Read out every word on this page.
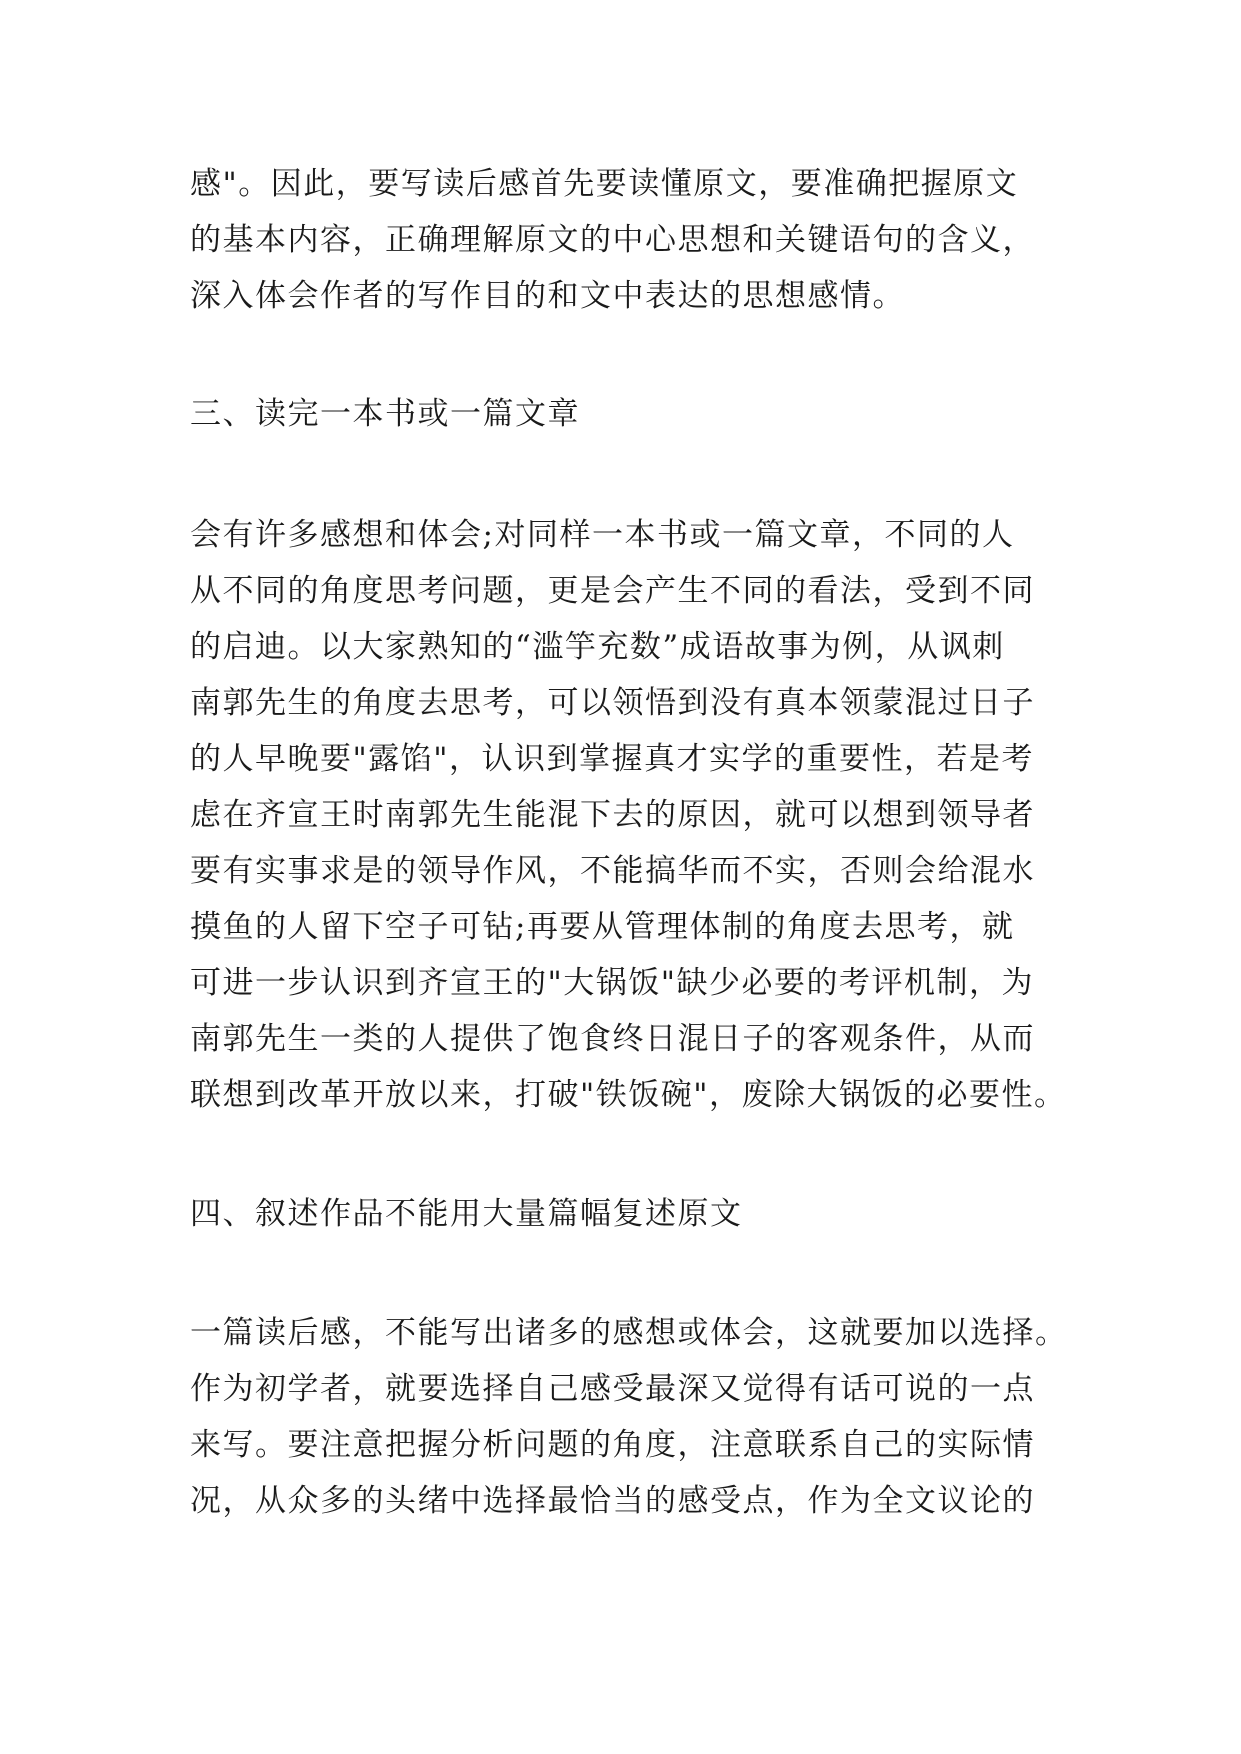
感"。因此，要写读后感首先要读懂原文，要准确把握原文
的基本内容，正确理解原文的中心思想和关键语句的含义，
深入体会作者的写作目的和文中表达的思想感情。
三、读完一本书或一篇文章
会有许多感想和体会;对同样一本书或一篇文章，不同的人
从不同的角度思考问题，更是会产生不同的看法，受到不同
的启迪。以大家熟知的“滥竽充数”成语故事为例，从讽刺
南郭先生的角度去思考，可以领悟到没有真本领蒙混过日子
的人早晚要"露馅"，认识到掌握真才实学的重要性，若是考
虑在齐宣王时南郭先生能混下去的原因，就可以想到领导者
要有实事求是的领导作风，不能搞华而不实，否则会给混水
摸鱼的人留下空子可钻;再要从管理体制的角度去思考，就
可进一步认识到齐宣王的"大锅饭"缺少必要的考评机制，为
南郭先生一类的人提供了饱食终日混日子的客观条件，从而
联想到改革开放以来，打破"铁饭碗"，废除大锅饭的必要性。
四、叙述作品不能用大量篇幅复述原文
一篇读后感，不能写出诸多的感想或体会，这就要加以选择。
作为初学者，就要选择自己感受最深又觉得有话可说的一点
来写。要注意把握分析问题的角度，注意联系自己的实际情
况，从众多的头绪中选择最恰当的感受点，作为全文议论的
